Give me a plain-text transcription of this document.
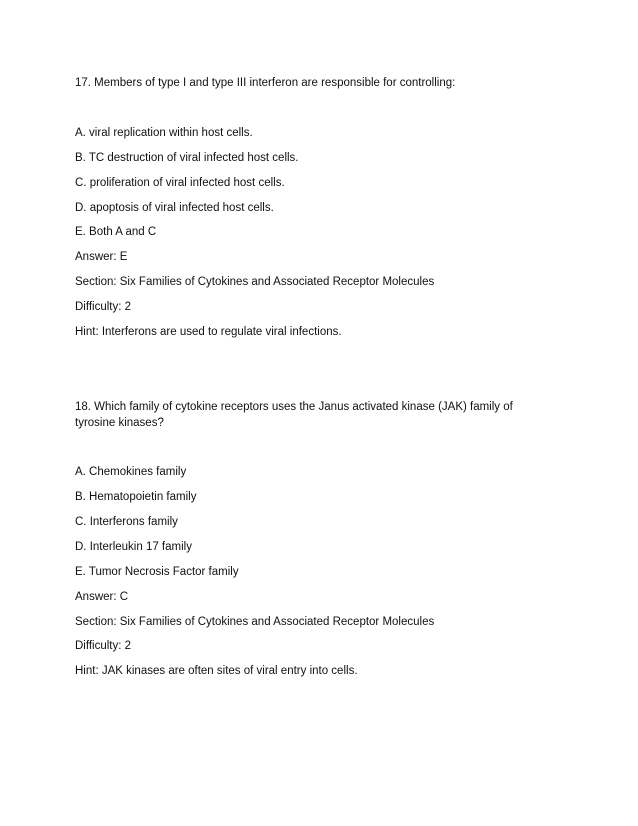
17. Members of type I and type III interferon are responsible for controlling:
A. viral replication within host cells.
B. TC destruction of viral infected host cells.
C. proliferation of viral infected host cells.
D. apoptosis of viral infected host cells.
E. Both A and C
Answer: E
Section: Six Families of Cytokines and Associated Receptor Molecules
Difficulty: 2
Hint: Interferons are used to regulate viral infections.
18. Which family of cytokine receptors uses the Janus activated kinase (JAK) family of tyrosine kinases?
A. Chemokines family
B. Hematopoietin family
C. Interferons family
D. Interleukin 17 family
E. Tumor Necrosis Factor family
Answer: C
Section: Six Families of Cytokines and Associated Receptor Molecules
Difficulty: 2
Hint: JAK kinases are often sites of viral entry into cells.
